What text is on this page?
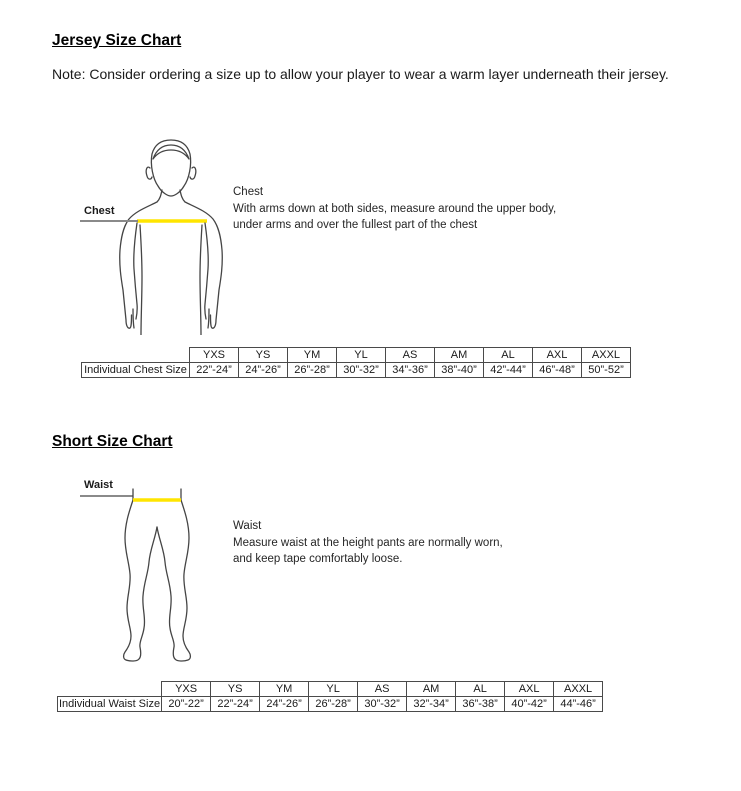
Jersey Size Chart
Note: Consider ordering a size up to allow your player to wear a warm layer underneath their jersey.
Chest
Chest
With arms down at both sides, measure around the upper body,
under arms and over the fullest part of the chest
	YXS	YS	YM	YL	AS	AM	AL	AXL	AXXL
Individual Chest Size	22”-24”	24”-26”	26”-28”	30”-32”	34”-36”	38”-40”	42”-44”	46”-48”	50”-52”
Short Size Chart
Waist
Waist
Measure waist at the height pants are normally worn,
and keep tape comfortably loose.
	YXS	YS	YM	YL	AS	AM	AL	AXL	AXXL
Individual Waist Size	20”-22”	22”-24”	24”-26”	26”-28”	30”-32”	32”-34”	36”-38”	40”-42”	44”-46”
